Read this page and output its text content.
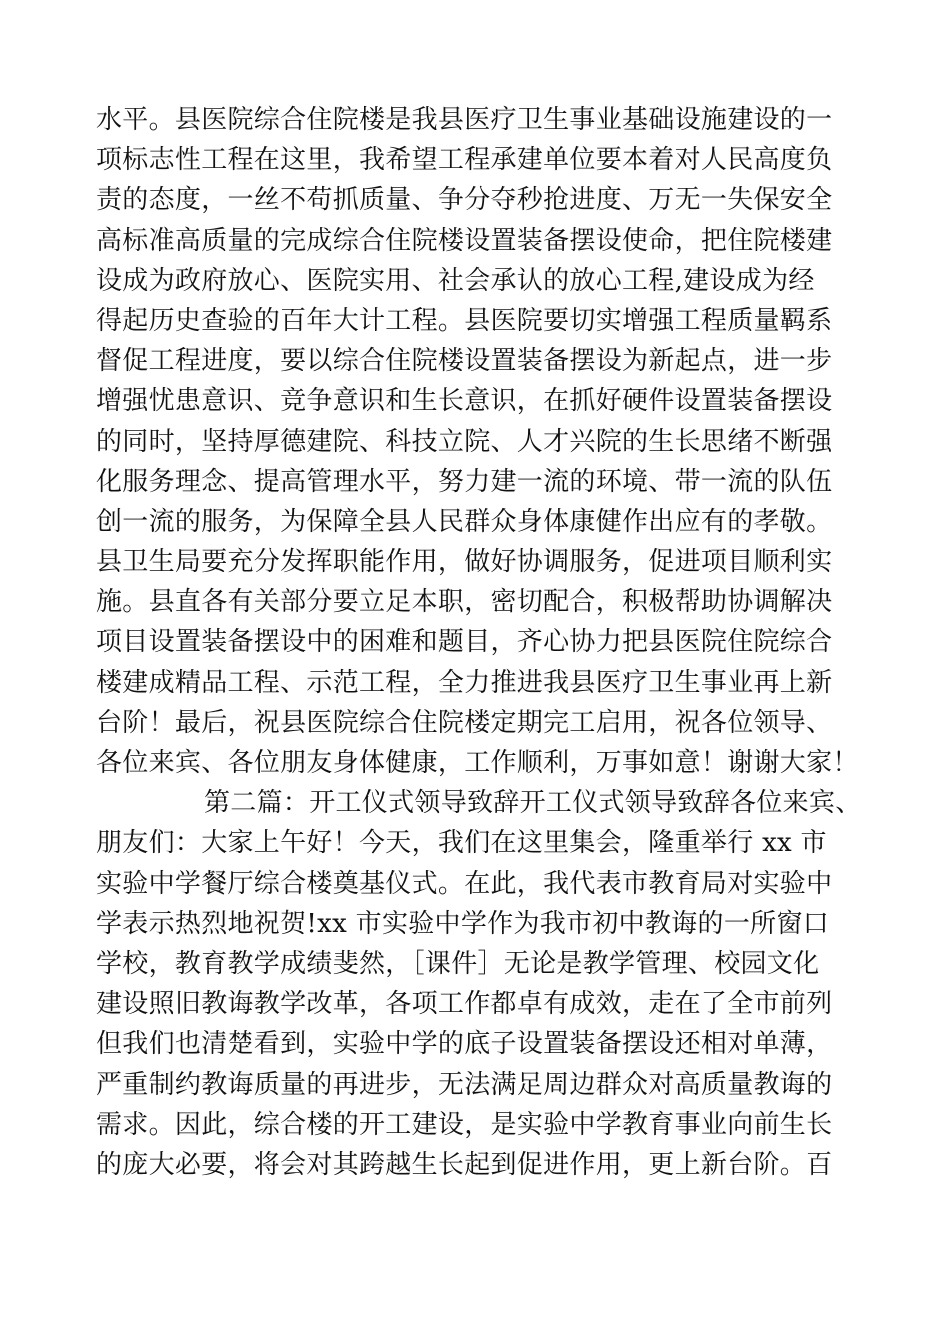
水平。县医院综合住院楼是我县医疗卫生事业基础设施建设的一
项标志性工程在这里，我希望工程承建单位要本着对人民高度负
责的态度，一丝不苟抓质量、争分夺秒抢进度、万无一失保安全
高标准高质量的完成综合住院楼设置装备摆设使命，把住院楼建
设成为政府放心、医院实用、社会承认的放心工程,建设成为经
得起历史查验的百年大计工程。县医院要切实增强工程质量羁系
督促工程进度，要以综合住院楼设置装备摆设为新起点，进一步
增强忧患意识、竞争意识和生长意识，在抓好硬件设置装备摆设
的同时，坚持厚德建院、科技立院、人才兴院的生长思绪不断强
化服务理念、提高管理水平，努力建一流的环境、带一流的队伍
创一流的服务，为保障全县人民群众身体康健作出应有的孝敬。
县卫生局要充分发挥职能作用，做好协调服务，促进项目顺利实
施。县直各有关部分要立足本职，密切配合，积极帮助协调解决
项目设置装备摆设中的困难和题目，齐心协力把县医院住院综合
楼建成精品工程、示范工程，全力推进我县医疗卫生事业再上新
台阶！最后，祝县医院综合住院楼定期完工启用，祝各位领导、
各位来宾、各位朋友身体健康，工作顺利，万事如意！谢谢大家！
第二篇：开工仪式领导致辞开工仪式领导致辞各位来宾、
朋友们：大家上午好！今天，我们在这里集会，隆重举行 xx 市
实验中学餐厅综合楼奠基仪式。在此，我代表市教育局对实验中
学表示热烈地祝贺!xx 市实验中学作为我市初中教诲的一所窗口
学校，教育教学成绩斐然，［课件］无论是教学管理、校园文化
建设照旧教诲教学改革，各项工作都卓有成效，走在了全市前列
但我们也清楚看到，实验中学的底子设置装备摆设还相对单薄，
严重制约教诲质量的再进步，无法满足周边群众对高质量教诲的
需求。因此，综合楼的开工建设，是实验中学教育事业向前生长
的庞大必要，将会对其跨越生长起到促进作用，更上新台阶。百
